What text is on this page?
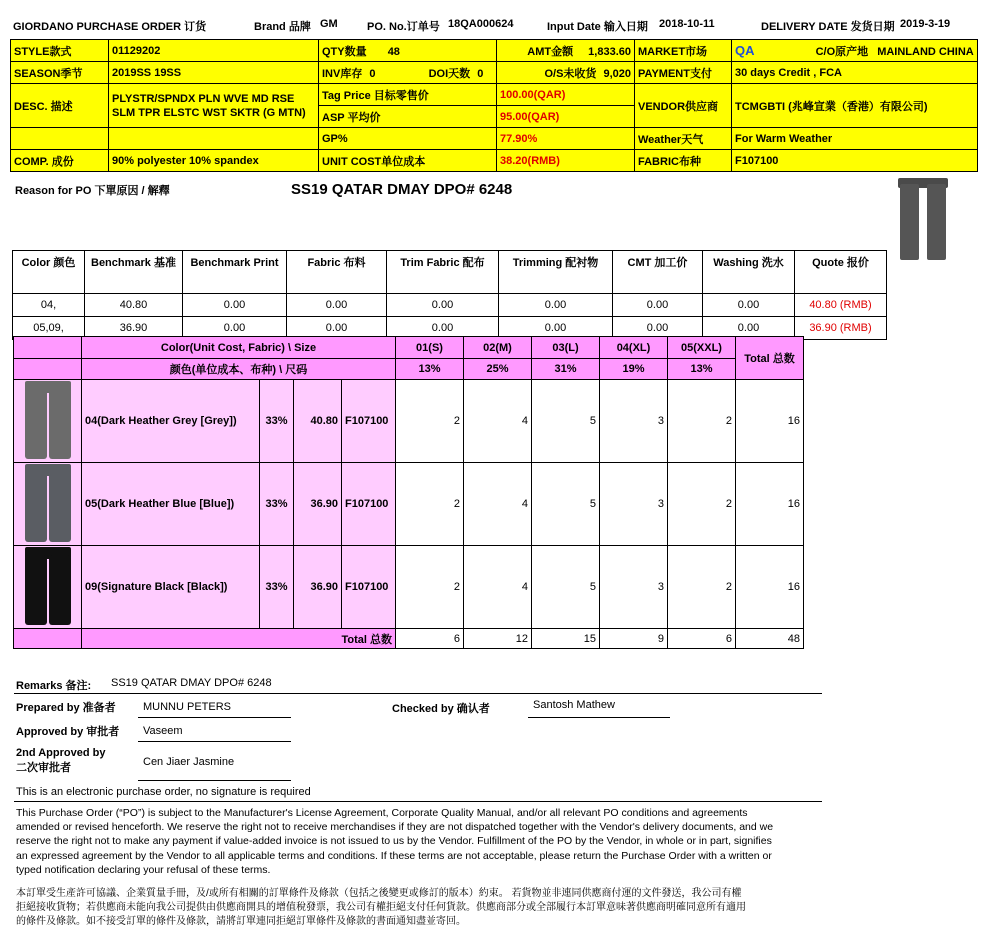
GIORDANO PURCHASE ORDER 订货	Brand 品牌 GM	PO. No.订单号 18QA000624	Input Date 输入日期 2018-10-11	DELIVERY DATE 发货日期 2019-3-19
STYLE款式	01129202	QTY数量 48	AMT金额 1,833.60	MARKET市场	QA C/O原产地 MAINLAND CHINA
SEASON季节	2019SS 19SS	INV库存 0 DOI天数 0	O/S未收货 9,020	PAYMENT支付	30 days Credit , FCA
DESC. 描述	PLYSTR/SPNDX PLN WVE MD RSE SLM TPR ELSTC WST SKTR (G MTN)	Tag Price 目标零售价	100.00(QAR)	VENDOR供应商	TCMGBTI (兆峰宣業（香港）有限公司)
		ASP 平均价	95.00(QAR)		
		GP%	77.90%	Weather天气	For Warm Weather
COMP. 成份	90% polyester 10% spandex	UNIT COST单位成本	38.20(RMB)	FABRIC布种	F107100
Reason for PO 下單原因 / 解釋	SS19 QATAR DMAY DPO# 6248
Color 颜色	Benchmark 基准	Benchmark Print	Fabric 布料	Trim Fabric 配布	Trimming 配衬物	CMT 加工价	Washing 洗水	Quote 报价
04,	40.80	0.00	0.00	0.00	0.00	0.00	0.00	40.80 (RMB)
05,09,	36.90	0.00	0.00	0.00	0.00	0.00	0.00	36.90 (RMB)
	Color(Unit Cost, Fabric) \ Size				01(S)	02(M)	03(L)	04(XL)	05(XXL)	Total 总数
	颜色(单位成本、布种) \ 尺码				13%	25%	31%	19%	13%	

	04(Dark Heather Grey [Grey])	33%	40.80	F107100	2	4	5	3	2	16

	05(Dark Heather Blue [Blue])	33%	36.90	F107100	2	4	5	3	2	16

	09(Signature Black [Black])	33%	36.90	F107100	2	4	5	3	2	16
	Total 总数				6	12	15	9	6	48
Remarks 备注: SS19 QATAR DMAY DPO# 6248
Prepared by 准备者 MUNNU PETERS	Checked by 确认者	Santosh Mathew
Approved by 审批者 Vaseem
2nd Approved by
二次审批者	Cen Jiaer Jasmine
This is an electronic purchase order, no signature is required
This Purchase Order (“PO”) is subject to the Manufacturer's License Agreement, Corporate Quality Manual, and/or all relevant PO conditions and agreements
amended or revised henceforth. We reserve the right not to receive merchandises if they are not dispatched together with the Vendor's delivery documents, and we
reserve the right not to make any payment if value-added invoice is not issued to us by the Vendor. Fulfillment of the PO by the Vendor, in whole or in part, signifies
an expressed agreement by the Vendor to all applicable terms and conditions. If these terms are not acceptable, please return the Purchase Order with a written or
typed notification declaring your refusal of these terms.
本訂單受生產許可協議、企業質量手冊，及/或所有相關的訂單條件及條款（包括之後變更或修訂的版本）約束。 若貨物並非連同供應商付運的文件發送，我公司有權
拒絕接收貨物；若供應商未能向我公司提供由供應商開具的增值稅發票，我公司有權拒絕支付任何貨款。供應商部分或全部履行本訂單意味著供應商明確同意所有適用
的條件及條款。如不接受訂單的條件及條款，請將訂單連同拒絕訂單條件及條款的書面通知盡並寄回。
